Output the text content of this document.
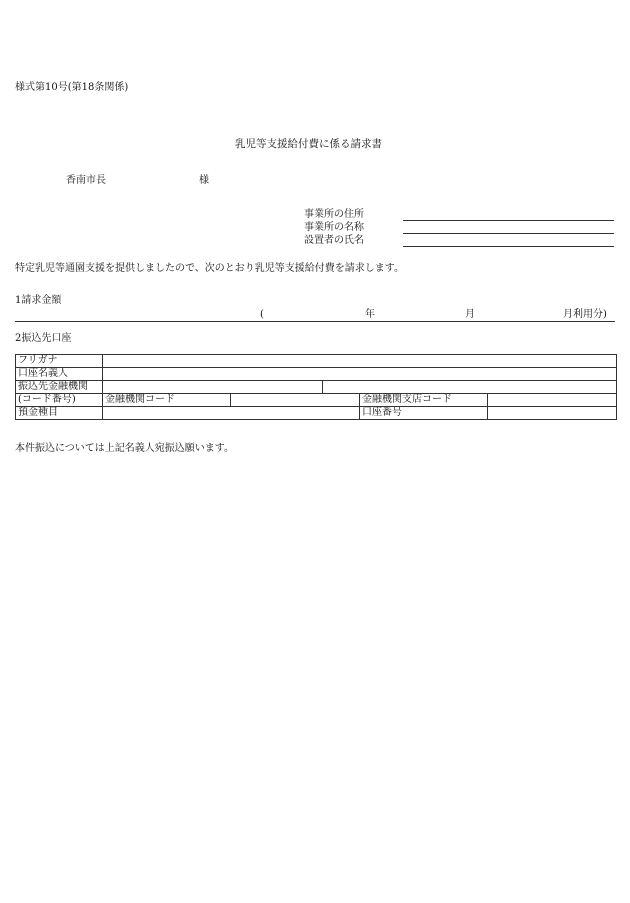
様式第10号(第18条関係)
乳児等支援給付費に係る請求書
香南市長	様
事業所の住所
事業所の名称
設置者の氏名
特定乳児等通園支援を提供しましたので、次のとおり乳児等支援給付費を請求します。
1請求金額
(	年	月	月利用分)
2振込先口座
フリガナ					
口座名義人					
振込先金融機関					
(コード番号)	金融機関コード			金融機関支店コード	
預金種目				口座番号	
本件振込については上記名義人宛振込願います。
